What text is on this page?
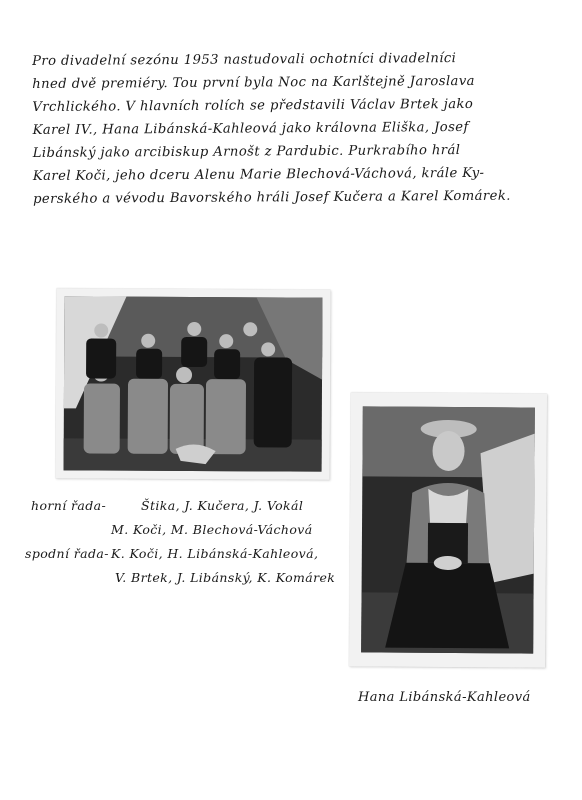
Pro divadelní sezónu 1953 nastudovali ochotníci divadelníci
hned dvě premiéry. Tou první byla Noc na Karlštejně Jaroslava
Vrchlického. V hlavních rolích se představili Václav Brtek jako
Karel IV., Hana Libánská-Kahleová jako královna Eliška, Josef
Libánský jako arcibiskup Arnošt z Pardubic. Purkrabího hrál
Karel Koči, jeho dceru Alenu Marie Blechová-Váchová, krále Ky-
perského a vévodu Bavorského hráli Josef Kučera a Karel Komárek.
horní řada-	Štika, J. Kučera, J. Vokál
M. Koči, M. Blechová-Váchová
spodní řada- K. Koči, H. Libánská-Kahleová,
V. Brtek, J. Libánský, K. Komárek
Hana Libánská-Kahleová
